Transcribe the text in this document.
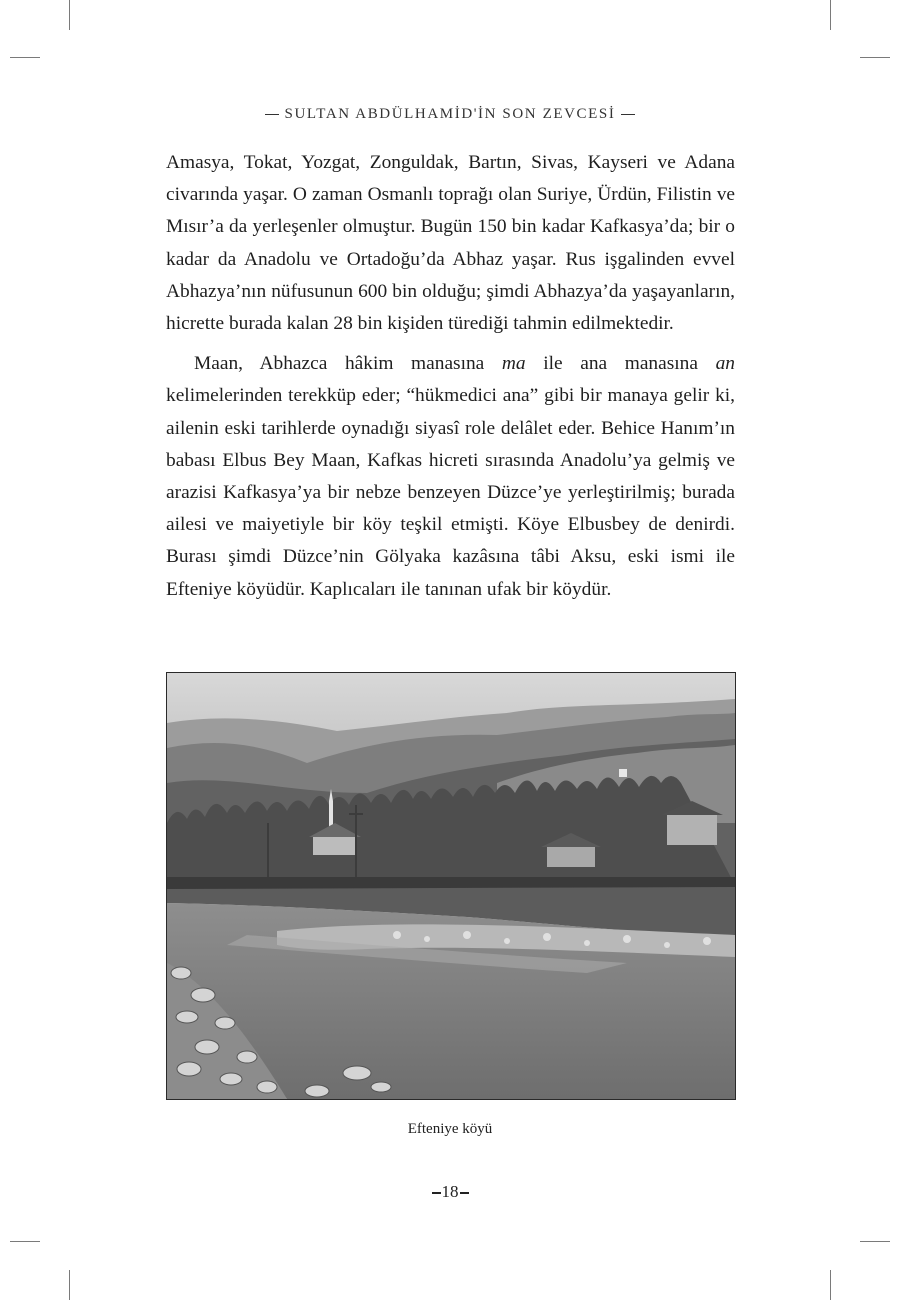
SULTAN ABDÜLHAMİD'İN SON ZEVCESİ

Amasya, Tokat, Yozgat, Zonguldak, Bartın, Sivas, Kayseri ve Adana civarında yaşar. O zaman Osmanlı toprağı olan Suriye, Ürdün, Filistin ve Mısır’a da yerleşenler olmuştur. Bugün 150 bin kadar Kafkasya’da; bir o kadar da Anadolu ve Ortadoğu’da Abhaz yaşar. Rus işgalinden evvel Abhazya’nın nüfusunun 600 bin olduğu; şimdi Abhazya’da yaşayanların, hicrette burada kalan 28 bin kişiden türediği tahmin edilmektedir.

Maan, Abhazca hâkim manasına ma ile ana manasına an kelimelerinden terekküp eder; “hükmedici ana” gibi bir manaya gelir ki, ailenin eski tarihlerde oynadığı siyasî role delâlet eder. Behice Hanım’ın babası Elbus Bey Maan, Kafkas hicreti sırasında Anadolu’ya gelmiş ve arazisi Kafkasya’ya bir nebze benzeyen Düzce’ye yerleştirilmiş; burada ailesi ve maiyetiyle bir köy teşkil etmişti. Köye Elbusbey de denirdi. Burası şimdi Düzce’nin Gölyaka kazâsına tâbi Aksu, eski ismi ile Efteniye köyüdür. Kaplıcaları ile tanınan ufak bir köydür.

Efteniye köyü
18
